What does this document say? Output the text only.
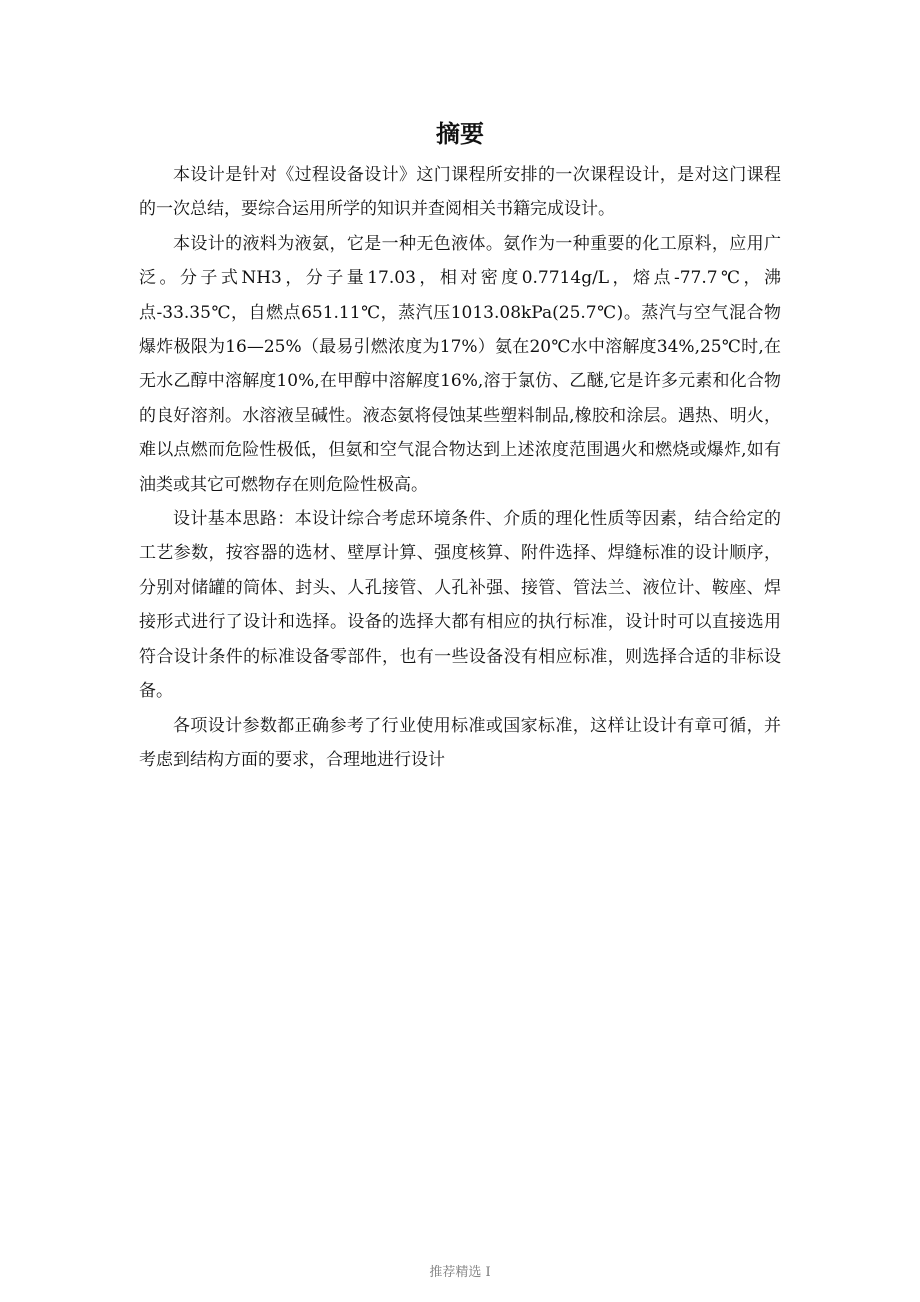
摘要

本设计是针对《过程设备设计》这门课程所安排的一次课程设计，是对这门课程的一次总结，要综合运用所学的知识并查阅相关书籍完成设计。

本设计的液料为液氨，它是一种无色液体。氨作为一种重要的化工原料，应用广泛。分子式NH3，分子量17.03，相对密度0.7714g/L，熔点-77.7℃，沸点-33.35℃，自燃点651.11℃，蒸汽压1013.08kPa(25.7℃)。蒸汽与空气混合物爆炸极限为16—25%（最易引燃浓度为17%）氨在20℃水中溶解度34%,25℃时,在无水乙醇中溶解度10%,在甲醇中溶解度16%,溶于氯仿、乙醚,它是许多元素和化合物的良好溶剂。水溶液呈碱性。液态氨将侵蚀某些塑料制品,橡胶和涂层。遇热、明火，难以点燃而危险性极低，但氨和空气混合物达到上述浓度范围遇火和燃烧或爆炸,如有油类或其它可燃物存在则危险性极高。

设计基本思路：本设计综合考虑环境条件、介质的理化性质等因素，结合给定的工艺参数，按容器的选材、壁厚计算、强度核算、附件选择、焊缝标准的设计顺序，分别对储罐的筒体、封头、人孔接管、人孔补强、接管、管法兰、液位计、鞍座、焊接形式进行了设计和选择。设备的选择大都有相应的执行标准，设计时可以直接选用符合设计条件的标准设备零部件，也有一些设备没有相应标准，则选择合适的非标设备。

各项设计参数都正确参考了行业使用标准或国家标准，这样让设计有章可循，并考虑到结构方面的要求，合理地进行设计

推荐精选 I
